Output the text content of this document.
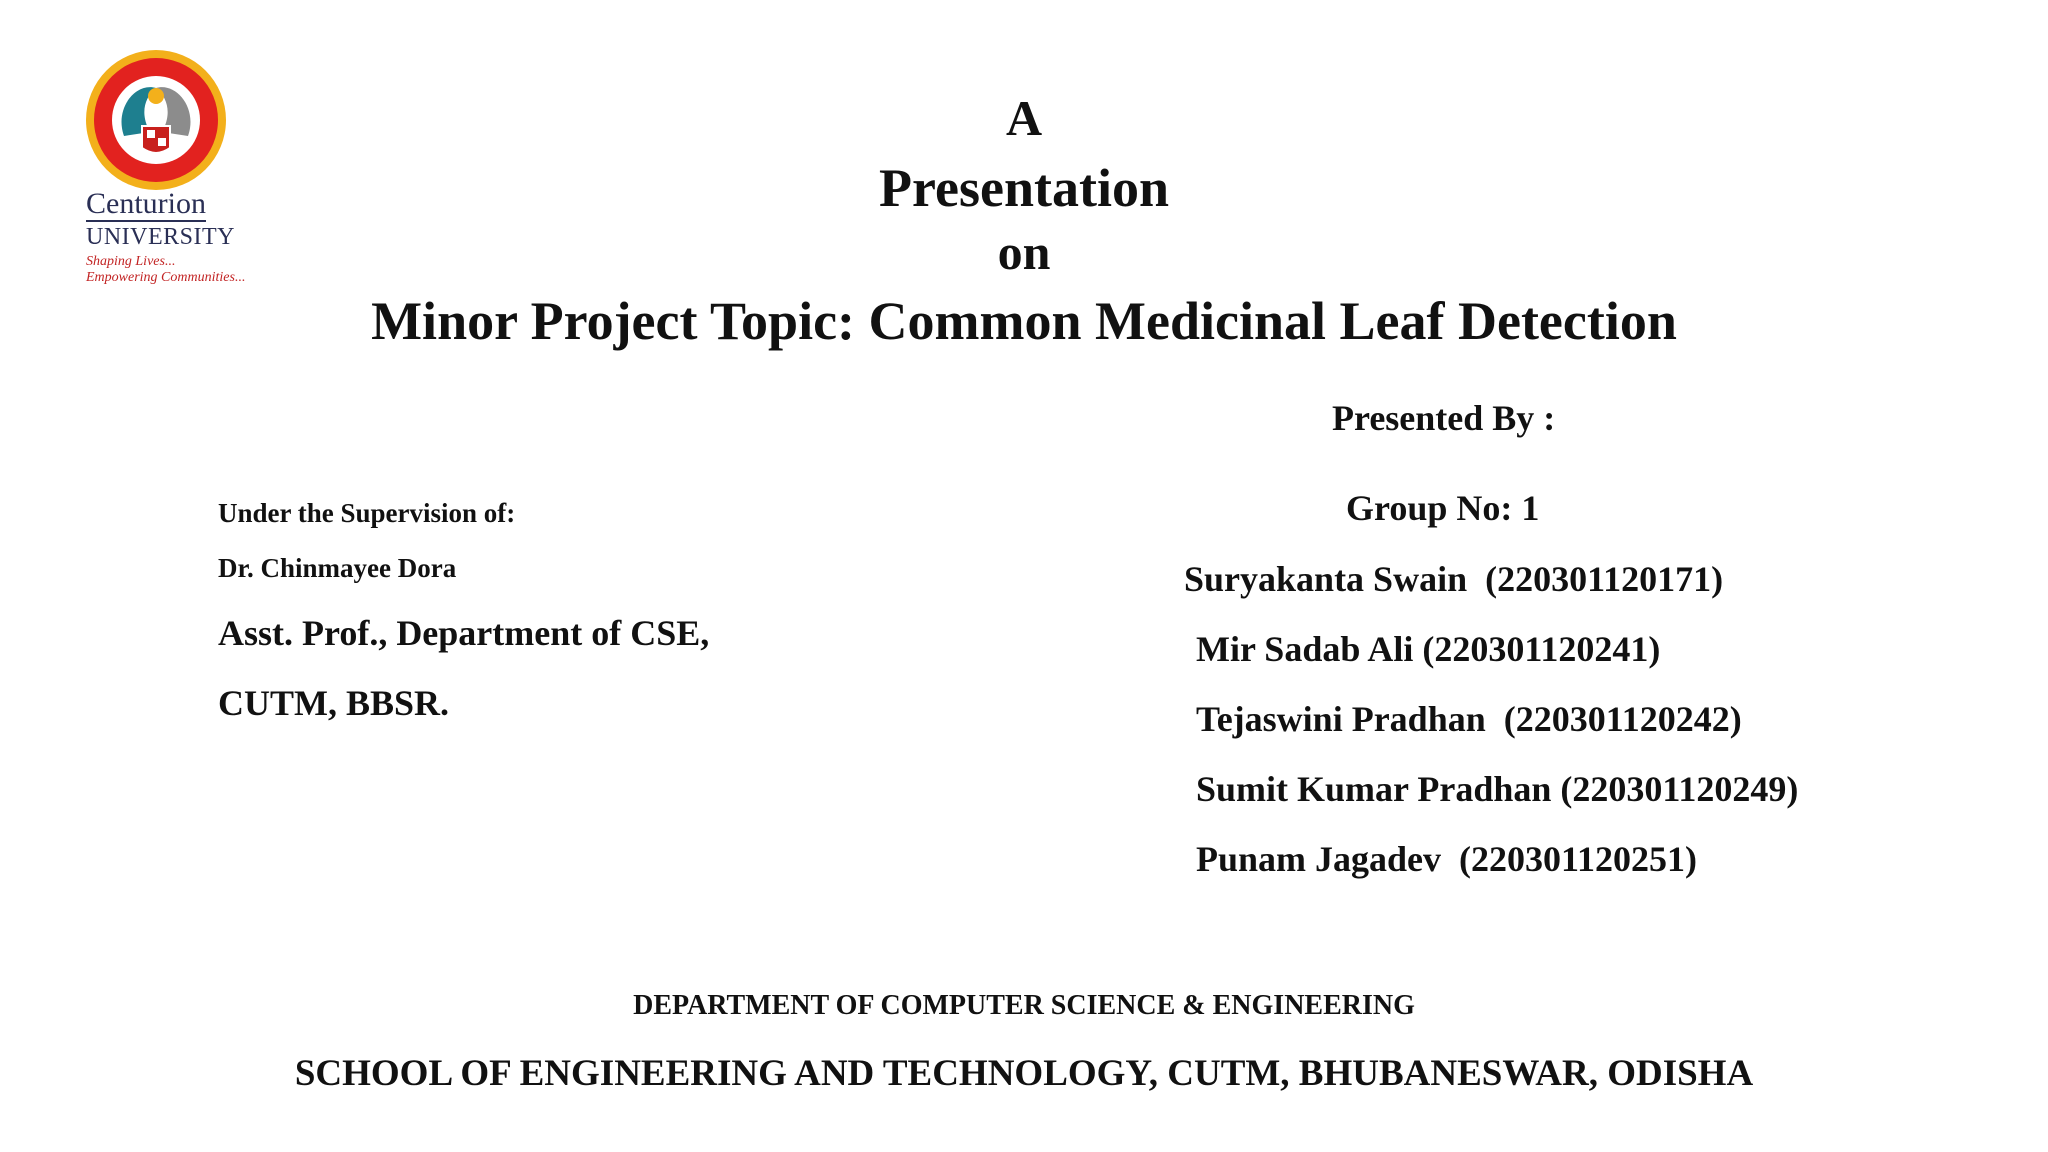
Centurion
UNIVERSITY
Shaping Lives...
Empowering Communities...
A
Presentation
on
Minor Project Topic: Common Medicinal Leaf Detection
Under the Supervision of:
Dr. Chinmayee Dora
Asst. Prof., Department of CSE,
CUTM, BBSR.
Presented By :
Group No: 1
Suryakanta Swain  (220301120171)
Mir Sadab Ali (220301120241)
Tejaswini Pradhan  (220301120242)
Sumit Kumar Pradhan (220301120249)
Punam Jagadev  (220301120251)
DEPARTMENT OF COMPUTER SCIENCE & ENGINEERING
SCHOOL OF ENGINEERING AND TECHNOLOGY, CUTM, BHUBANESWAR, ODISHA
